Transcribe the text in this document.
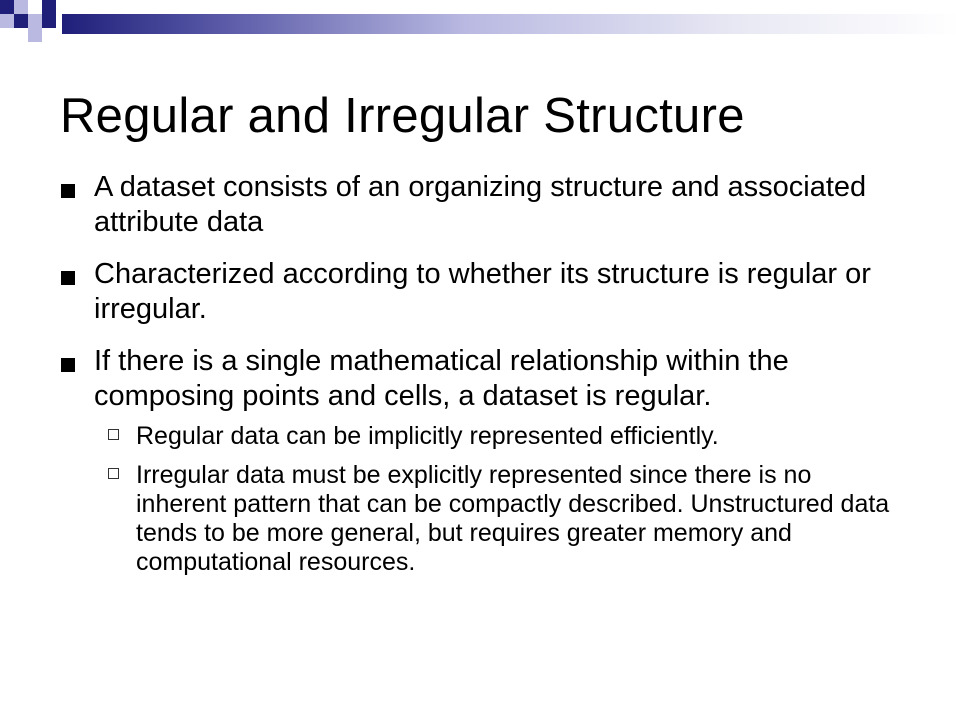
Regular and Irregular Structure
A dataset consists of an organizing structure and associated attribute data
Characterized according to whether its structure is regular or irregular.
If there is a single mathematical relationship within the composing points and cells, a dataset is regular.
Regular data can be implicitly represented efficiently.
Irregular data must be explicitly represented since there is no inherent pattern that can be compactly described. Unstructured data tends to be more general, but requires greater memory and computational resources.
